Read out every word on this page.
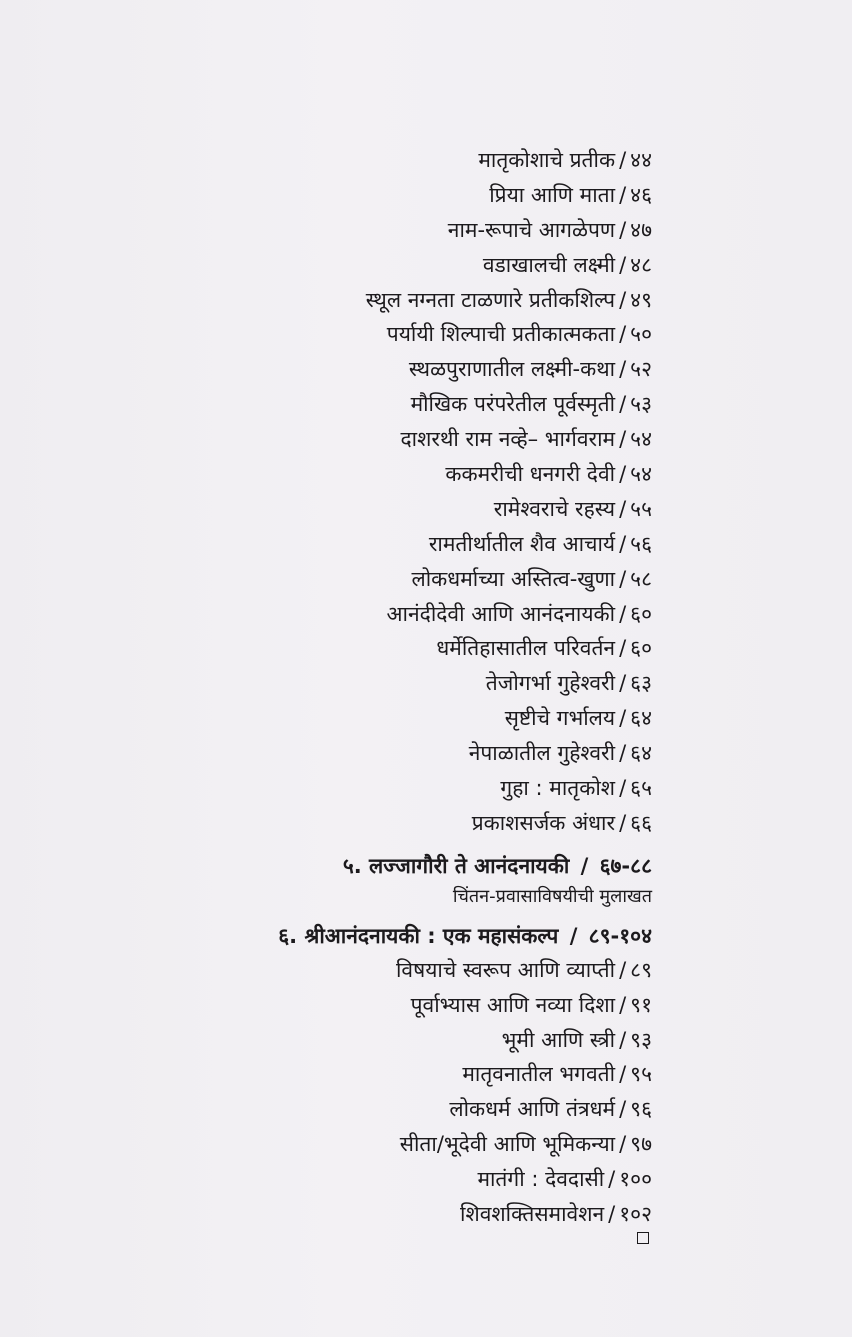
मातृकोशाचे प्रतीक / ४४
प्रिया आणि माता / ४६
नाम-रूपाचे आगळेपण / ४७
वडाखालची लक्ष्मी / ४८
स्थूल नग्नता टाळणारे प्रतीकशिल्प / ४९
पर्यायी शिल्पाची प्रतीकात्मकता / ५०
स्थळपुराणातील लक्ष्मी-कथा / ५२
मौखिक परंपरेतील पूर्वस्मृती / ५३
दाशरथी राम नव्हे– भार्गवराम / ५४
ककमरीची धनगरी देवी / ५४
रामेश्वराचे रहस्य / ५५
रामतीर्थातील शैव आचार्य / ५६
लोकधर्माच्या अस्तित्व-खुणा / ५८
आनंदीदेवी आणि आनंदनायकी / ६०
धर्मेतिहासातील परिवर्तन / ६०
तेजोगर्भा गुहेश्वरी / ६३
सृष्टीचे गर्भालय / ६४
नेपाळातील गुहेश्वरी / ६४
गुहा : मातृकोश / ६५
प्रकाशसर्जक अंधार / ६६
५. लज्जागौरी ते आनंदनायकी / ६७-८८
चिंतन-प्रवासाविषयीची मुलाखत
६. श्रीआनंदनायकी : एक महासंकल्प / ८९-१०४
विषयाचे स्वरूप आणि व्याप्ती / ८९
पूर्वाभ्यास आणि नव्या दिशा / ९१
भूमी आणि स्त्री / ९३
मातृवनातील भगवती / ९५
लोकधर्म आणि तंत्रधर्म / ९६
सीता/भूदेवी आणि भूमिकन्या / ९७
मातंगी : देवदासी / १००
शिवशक्तिसमावेशन / १०२
